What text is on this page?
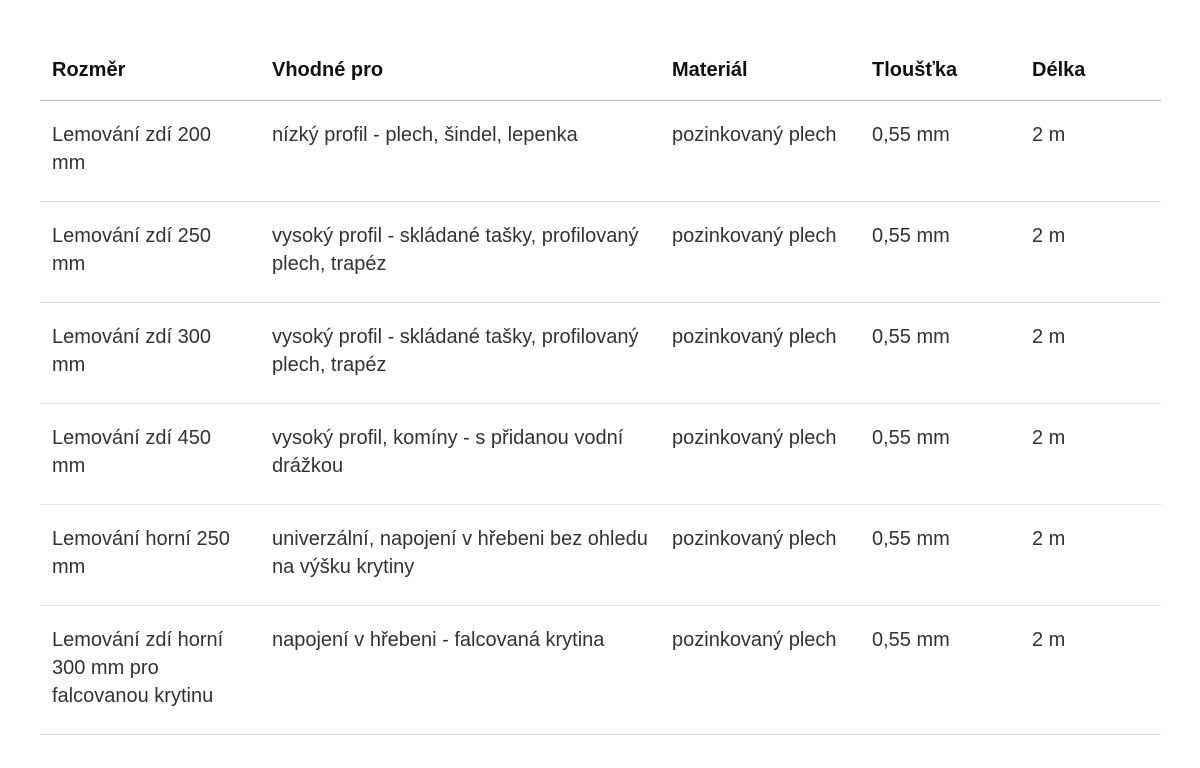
Rozměr	Vhodné pro	Materiál	Tloušťka	Délka
Lemování zdí 200 mm	nízký profil - plech, šindel, lepenka	pozinkovaný plech	0,55 mm	2 m
Lemování zdí 250 mm	vysoký profil - skládané tašky, profilovaný plech, trapéz	pozinkovaný plech	0,55 mm	2 m
Lemování zdí 300 mm	vysoký profil - skládané tašky, profilovaný plech, trapéz	pozinkovaný plech	0,55 mm	2 m
Lemování zdí 450 mm	vysoký profil, komíny - s přidanou vodní drážkou	pozinkovaný plech	0,55 mm	2 m
Lemování horní 250 mm	univerzální, napojení v hřebeni bez ohledu na výšku krytiny	pozinkovaný plech	0,55 mm	2 m
Lemování zdí horní 300 mm pro falcovanou krytinu	napojení v hřebeni - falcovaná krytina	pozinkovaný plech	0,55 mm	2 m
